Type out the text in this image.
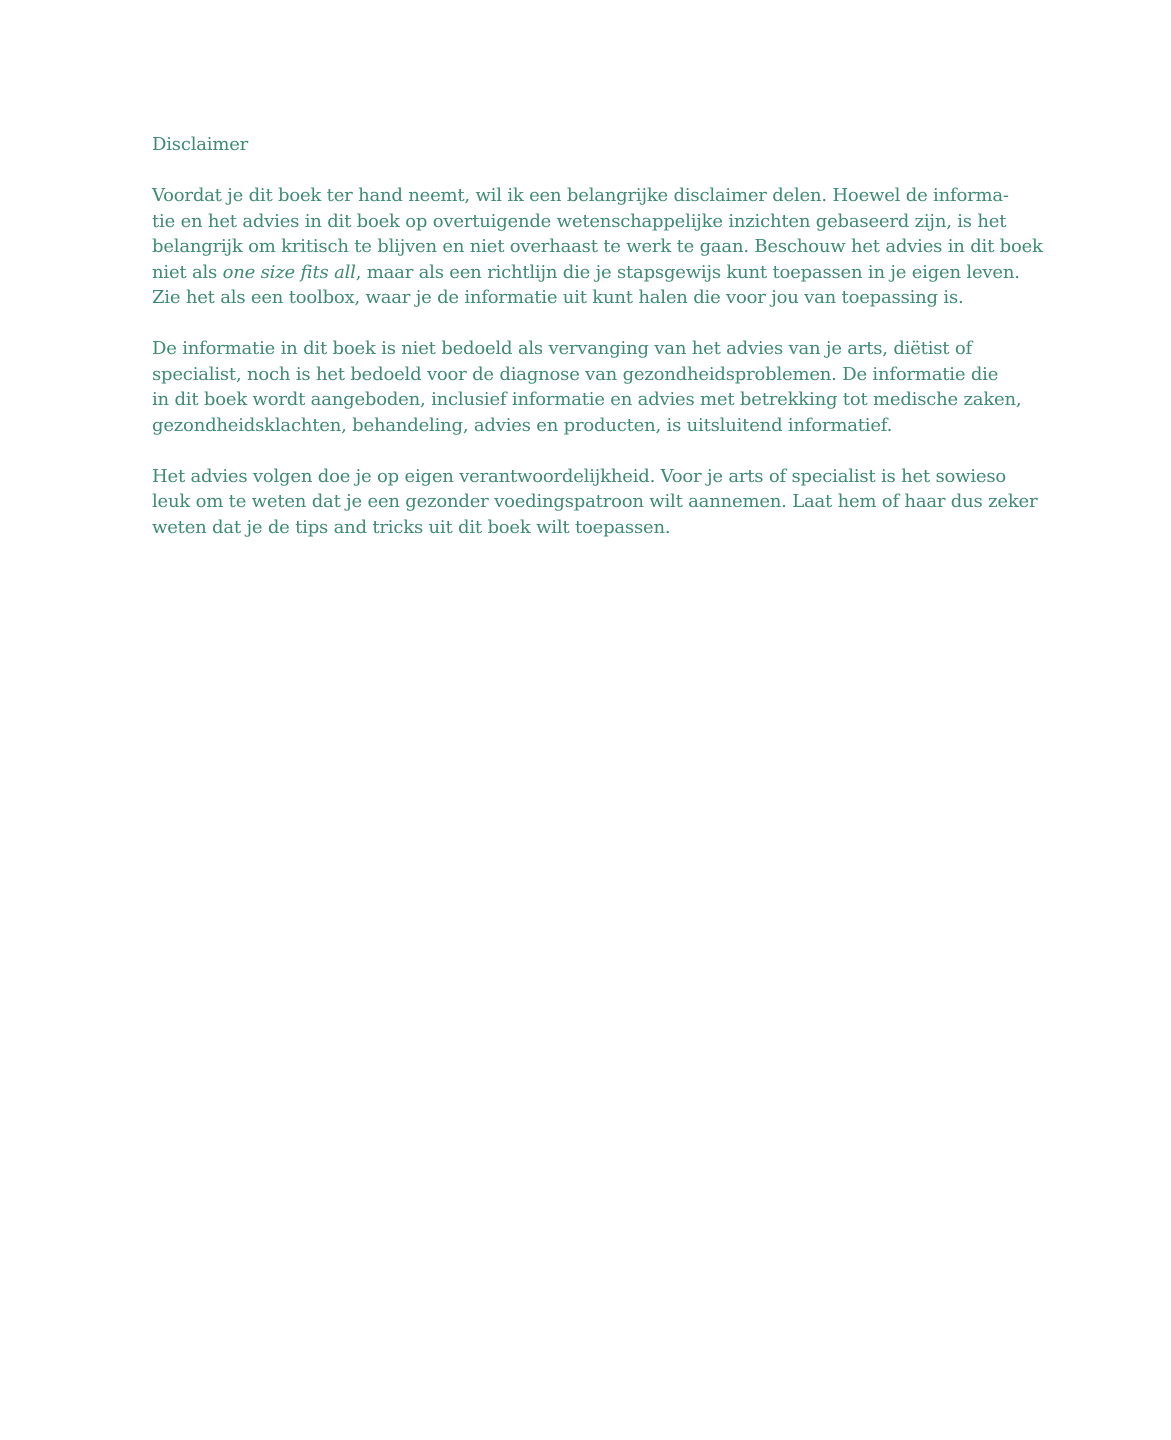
Disclaimer
Voordat je dit boek ter hand neemt, wil ik een belangrijke disclaimer delen. Hoewel de informa-
tie en het advies in dit boek op overtuigende wetenschappelijke inzichten gebaseerd zijn, is het
belangrijk om kritisch te blijven en niet overhaast te werk te gaan. Beschouw het advies in dit boek
niet als one size fits all, maar als een richtlijn die je stapsgewijs kunt toepassen in je eigen leven.
Zie het als een toolbox, waar je de informatie uit kunt halen die voor jou van toepassing is.
De informatie in dit boek is niet bedoeld als vervanging van het advies van je arts, diëtist of
specialist, noch is het bedoeld voor de diagnose van gezondheidsproblemen. De informatie die
in dit boek wordt aangeboden, inclusief informatie en advies met betrekking tot medische zaken,
gezondheidsklachten, behandeling, advies en producten, is uitsluitend informatief.
Het advies volgen doe je op eigen verantwoordelijkheid. Voor je arts of specialist is het sowieso
leuk om te weten dat je een gezonder voedingspatroon wilt aannemen. Laat hem of haar dus zeker
weten dat je de tips and tricks uit dit boek wilt toepassen.
